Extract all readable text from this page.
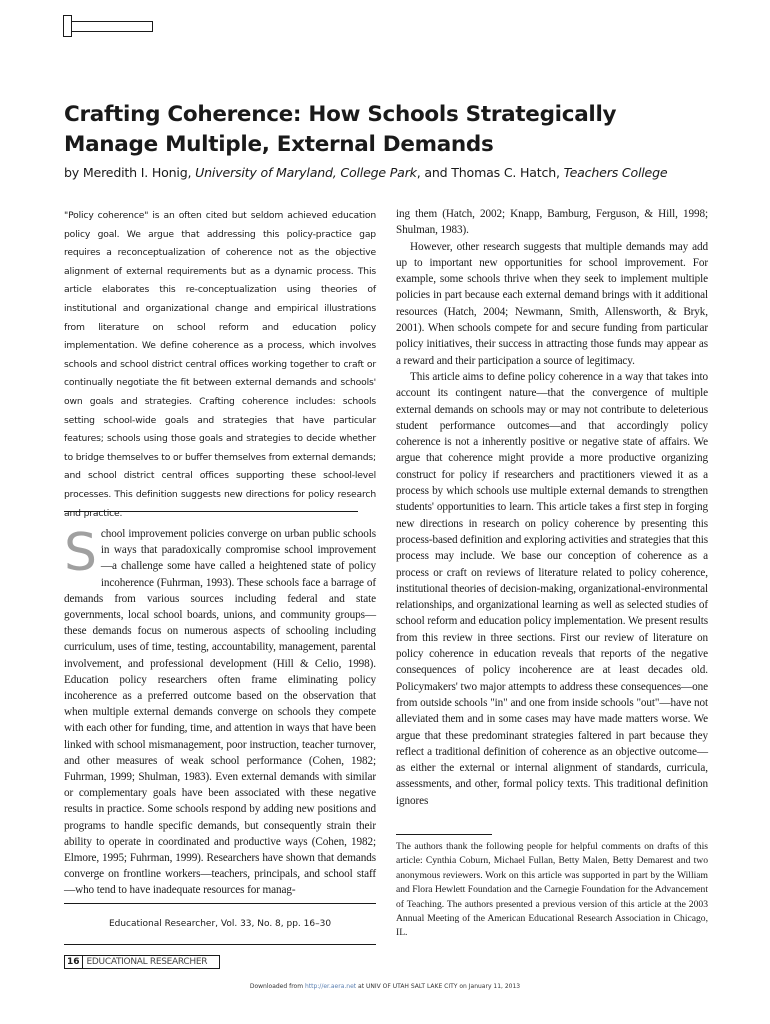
Crafting Coherence: How Schools Strategically Manage Multiple, External Demands
by Meredith I. Honig, University of Maryland, College Park, and Thomas C. Hatch, Teachers College

"Policy coherence" is an often cited but seldom achieved education policy goal. We argue that addressing this policy-practice gap requires a reconceptualization of coherence not as the objective alignment of external requirements but as a dynamic process. This article elaborates this re-conceptualization using theories of institutional and organizational change and empirical illustrations from literature on school reform and education policy implementation. We define coherence as a process, which involves schools and school district central offices working together to craft or continually negotiate the fit between external demands and schools' own goals and strategies. Crafting coherence includes: schools setting school-wide goals and strategies that have particular features; schools using those goals and strategies to decide whether to bridge themselves to or buffer themselves from external demands; and school district central offices supporting these school-level processes. This definition suggests new directions for policy research and practice.

S chool improvement policies converge on urban public schools in ways that paradoxically compromise school improvement—a challenge some have called a heightened state of policy incoherence (Fuhrman, 1993). These schools face a barrage of demands from various sources including federal and state governments, local school boards, unions, and community groups—these demands focus on numerous aspects of schooling including curriculum, uses of time, testing, accountability, management, parental involvement, and professional development (Hill & Celio, 1998). Education policy researchers often frame eliminating policy incoherence as a preferred outcome based on the observation that when multiple external demands converge on schools they compete with each other for funding, time, and attention in ways that have been linked with school mismanagement, poor instruction, teacher turnover, and other measures of weak school performance (Cohen, 1982; Fuhrman, 1999; Shulman, 1983). Even external demands with similar or complementary goals have been associated with these negative results in practice. Some schools respond by adding new positions and programs to handle specific demands, but consequently strain their ability to operate in coordinated and productive ways (Cohen, 1982; Elmore, 1995; Fuhrman, 1999). Researchers have shown that demands converge on frontline workers—teachers, principals, and school staff—who tend to have inadequate resources for manag-

Educational Researcher, Vol. 33, No. 8, pp. 16–30

ing them (Hatch, 2002; Knapp, Bamburg, Ferguson, & Hill, 1998; Shulman, 1983).

However, other research suggests that multiple demands may add up to important new opportunities for school improvement. For example, some schools thrive when they seek to implement multiple policies in part because each external demand brings with it additional resources (Hatch, 2004; Newmann, Smith, Allensworth, & Bryk, 2001). When schools compete for and secure funding from particular policy initiatives, their success in attracting those funds may appear as a reward and their participation a source of legitimacy.

This article aims to define policy coherence in a way that takes into account its contingent nature—that the convergence of multiple external demands on schools may or may not contribute to deleterious student performance outcomes—and that accordingly policy coherence is not a inherently positive or negative state of affairs. We argue that coherence might provide a more productive organizing construct for policy if researchers and practitioners viewed it as a process by which schools use multiple external demands to strengthen students' opportunities to learn. This article takes a first step in forging new directions in research on policy coherence by presenting this process-based definition and exploring activities and strategies that this process may include. We base our conception of coherence as a process or craft on reviews of literature related to policy coherence, institutional theories of decision-making, organizational-environmental relationships, and organizational learning as well as selected studies of school reform and education policy implementation. We present results from this review in three sections. First our review of literature on policy coherence in education reveals that reports of the negative consequences of policy incoherence are at least decades old. Policymakers' two major attempts to address these consequences—one from outside schools "in" and one from inside schools "out"—have not alleviated them and in some cases may have made matters worse. We argue that these predominant strategies faltered in part because they reflect a traditional definition of coherence as an objective outcome—as either the external or internal alignment of standards, curricula, assessments, and other, formal policy texts. This traditional definition ignores

The authors thank the following people for helpful comments on drafts of this article: Cynthia Coburn, Michael Fullan, Betty Malen, Betty Demarest and two anonymous reviewers. Work on this article was supported in part by the William and Flora Hewlett Foundation and the Carnegie Foundation for the Advancement of Teaching. The authors presented a previous version of this article at the 2003 Annual Meeting of the American Educational Research Association in Chicago, IL.

16 EDUCATIONAL RESEARCHER
Downloaded from http://er.aera.net at UNIV OF UTAH SALT LAKE CITY on January 11, 2013
